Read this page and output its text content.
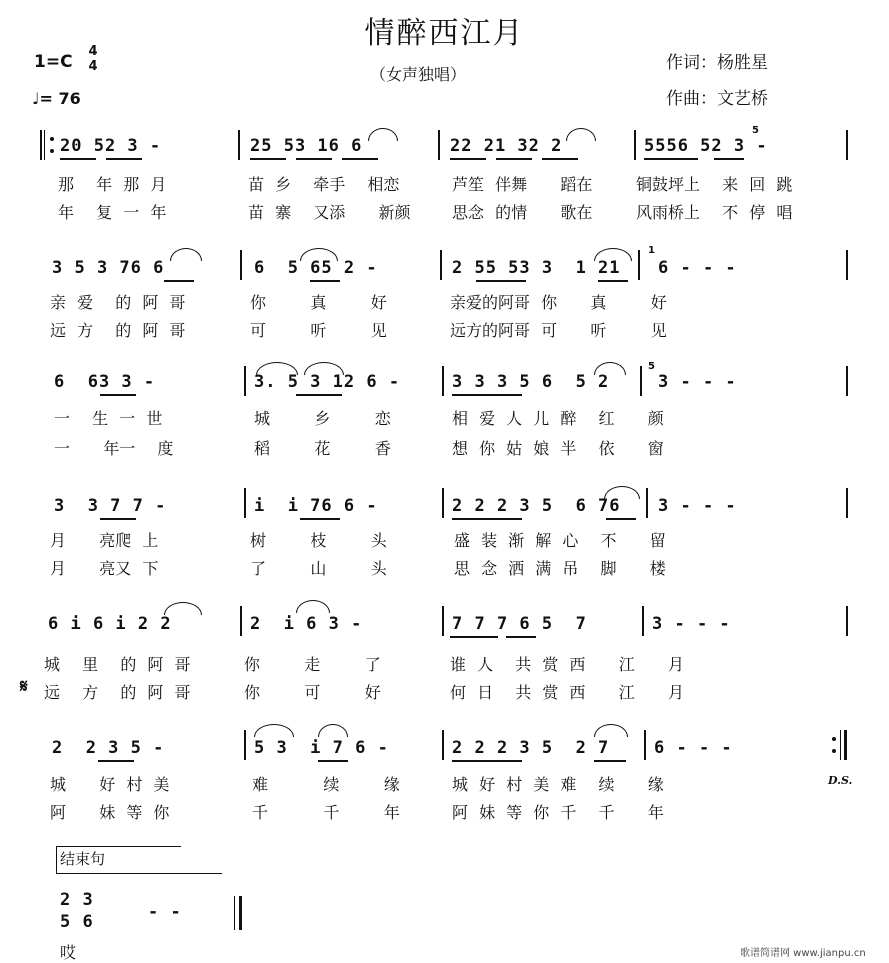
情醉西江月
（女声独唱）
1=C
4
4
♩= 76
作词：杨胜星
作曲：文艺桥
20 52 3 -	25 53 16 6	22 21 32 2	5556 52 3 -
5
那  年 那 月	苗 乡  牵手  相恋	芦笙 伴舞   蹈在	铜鼓坪上  来 回 跳
年  复 一 年	苗 寨  又添   新颜	思念 的情   歌在	风雨桥上  不 停 唱
3 5 3 76 6	6  5 65 2 -	2 55 53 3  1 21
1
6 - - -
亲 爱  的 阿 哥	你    真    好	亲爱的阿哥 你   真    好
远 方  的 阿 哥	可    听    见	远方的阿哥 可   听    见
6  63 3 -	3. 5 3 12 6 -	3 3 3 5 6  5 2
5
3 - - -
一  生 一 世	城    乡    恋	相 爱 人 儿 醉  红   颜
一   年一  度	稻    花    香	想 你 姑 娘 半  依   窗
3  3 7 7 -	i  i 76 6 -	2 2 2 3 5  6 76 3 - - -
月   亮爬 上	树    枝    头	盛 装 渐 解 心  不   留
月   亮又 下	了    山    头	思 念 洒 满 吊  脚   楼
6 i 6 i 2 2	2  i 6 3 -	7 7 7 6 5  7	3 - - -
城  里  的 阿 哥	你    走    了	谁 人  共 赏 西   江   月
𝄋 远  方  的 阿 哥	你    可    好	何 日  共 赏 西   江   月
2  2 3 5 -	5 3  i 7 6 -	2 2 2 3 5  2 7	6 - - -
D.S.
城   好 村 美	难     续    缘	城 好 村 美 难  续   缘
阿   妹 等 你	千     千    年	阿 妹 等 你 千  千   年
结束句
2 3
5 6	- -
哎	歌谱简谱网 www.jianpu.cn
